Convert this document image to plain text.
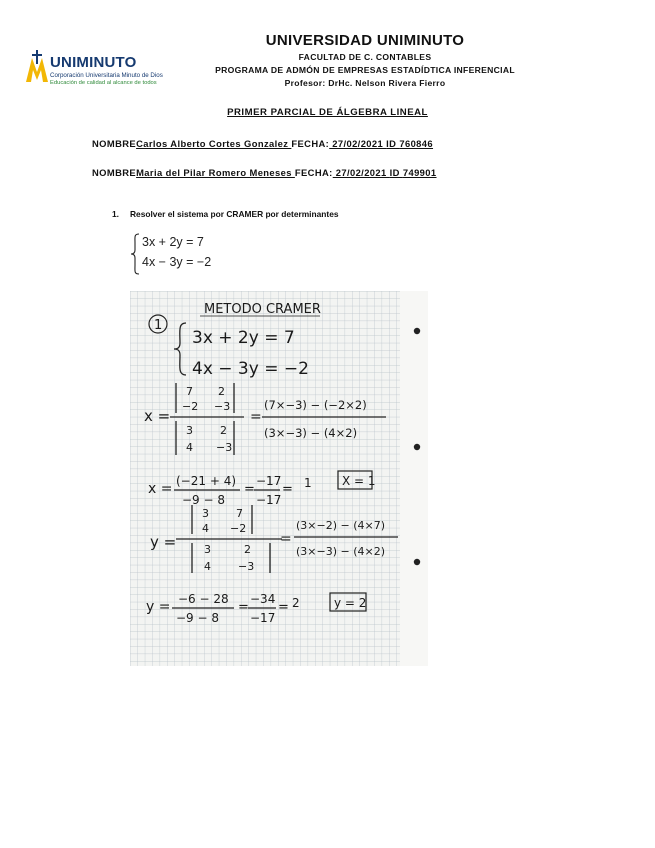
UNIMINUTO
Corporación Universitaria Minuto de Dios
Educación de calidad al alcance de todos
UNIVERSIDAD UNIMINUTO
FACULTAD DE C. CONTABLES
PROGRAMA DE ADMÓN DE EMPRESAS ESTADÍDTICA INFERENCIAL
Profesor: DrHc. Nelson Rivera Fierro
PRIMER PARCIAL DE ÁLGEBRA LINEAL
NOMBRECarlos Alberto Cortes Gonzalez FECHA: 27/02/2021 ID 760846
NOMBREMaria del Pilar Romero Meneses FECHA: 27/02/2021 ID 749901
1. Resolver el sistema por CRAMER por determinantes
3x + 2y = 7
4x − 3y = −2
METODO CRAMER
1
3x + 2y = 7
4x − 3y = −2
x =
7 2
−2 −3
3 2
4 −3
=
(7×−3) − (−2×2)
(3×−3) − (4×2)
x = (−21 + 4)
−9 − 8
=
−17
−17
= 1	X = 1
y =
3 7
4 −2
3	2
4 −3
=
(3×−2) − (4×7)
(3×−3) − (4×2)
y = −6 − 28
−9 − 8
=
−34
−17
= 2	y = 2
